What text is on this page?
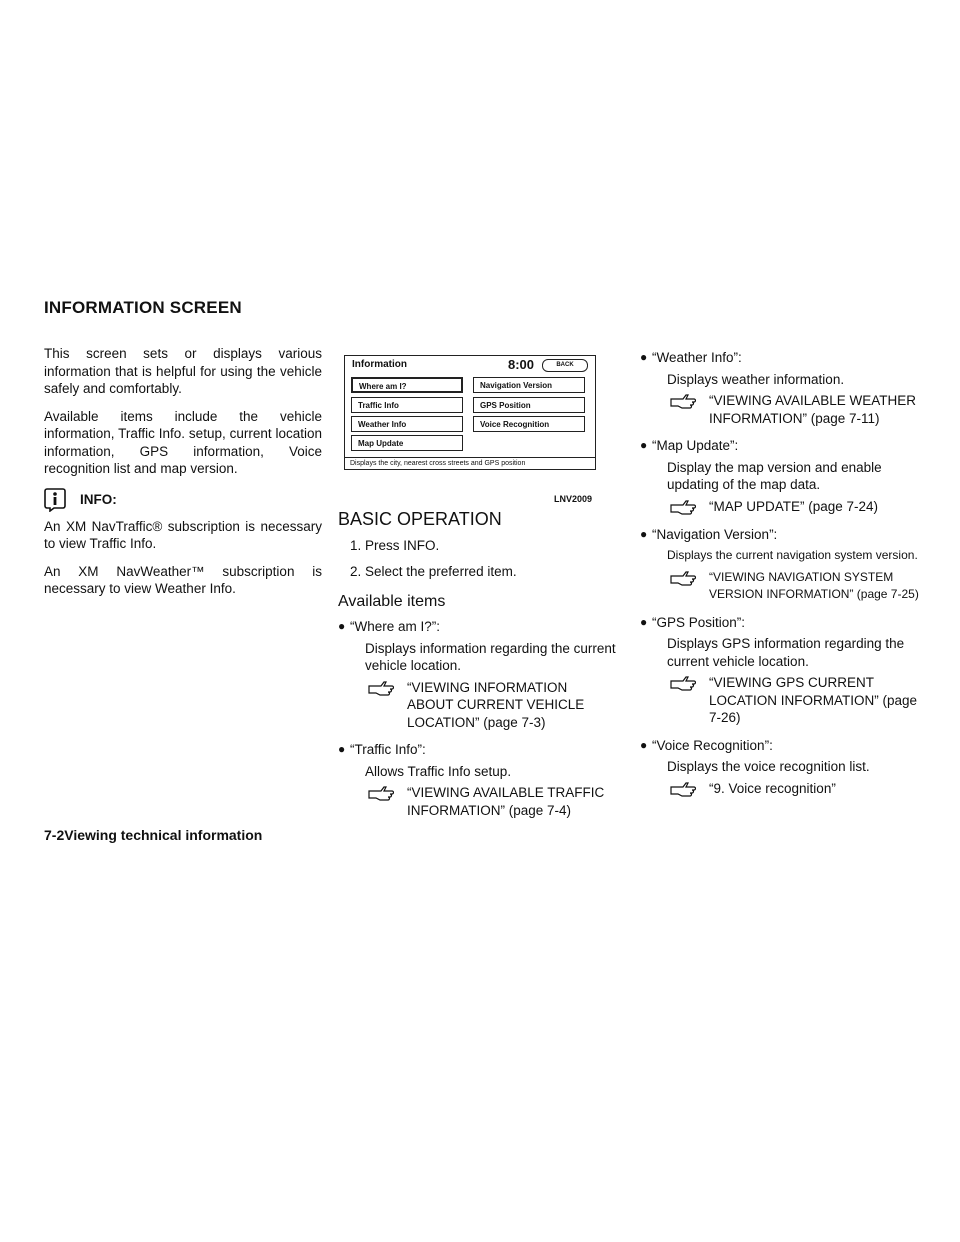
INFORMATION SCREEN

This screen sets or displays various information that is helpful for using the vehicle safely and comfortably.

Available items include the vehicle information, Traffic Info. setup, current location information, GPS information, Voice recognition list and map version.

INFO:

An XM NavTraffic® subscription is necessary to view Traffic Info.

An XM NavWeather™ subscription is necessary to view Weather Info.

Information	8:00	BACK
Where am I?
Traffic Info
Weather Info
Map Update
Navigation Version
GPS Position
Voice Recognition
Displays the city, nearest cross streets and GPS position
LNV2009
BASIC OPERATION
1. Press INFO.
2. Select the preferred item.
Available items
● “Where am I?”:
Displays information regarding the current vehicle location.
“VIEWING INFORMATION ABOUT CURRENT VEHICLE LOCATION” (page 7-3)
● “Traffic Info”:
Allows Traffic Info setup.
“VIEWING AVAILABLE TRAFFIC INFORMATION” (page 7-4)
● “Weather Info”:
Displays weather information.
“VIEWING AVAILABLE WEATHER INFORMATION” (page 7-11)
● “Map Update”:
Display the map version and enable updating of the map data.
“MAP UPDATE” (page 7-24)
● “Navigation Version”:
Displays the current navigation system version.
“VIEWING NAVIGATION SYSTEM VERSION INFORMATION” (page 7-25)
● “GPS Position”:
Displays GPS information regarding the current vehicle location.
“VIEWING GPS CURRENT LOCATION INFORMATION” (page 7-26)
● “Voice Recognition”:
Displays the voice recognition list.
“9. Voice recognition”
7-2Viewing technical information
